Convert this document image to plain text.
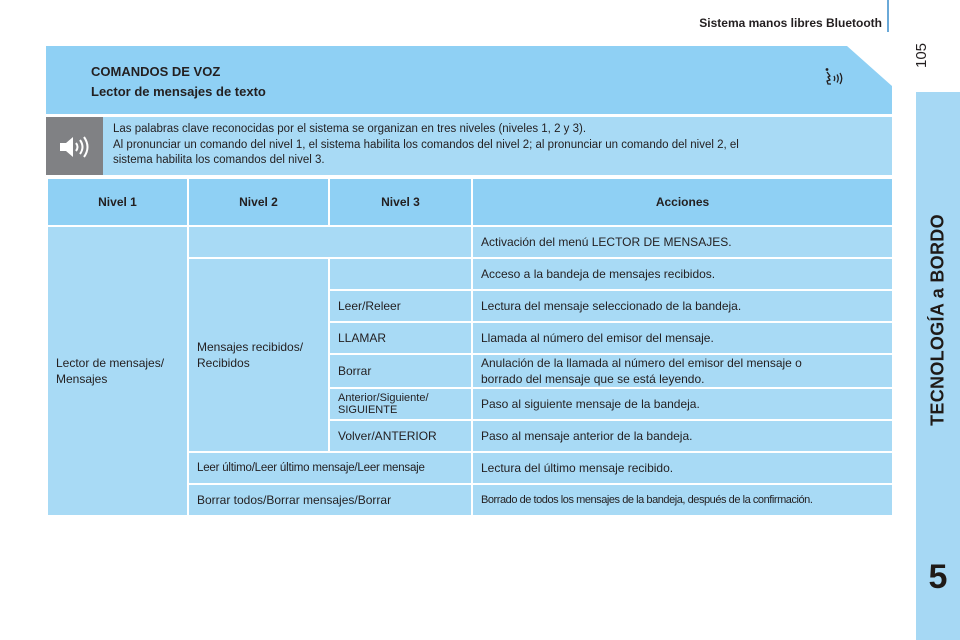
Sistema manos libres Bluetooth
105
TECNOLOGÍA a BORDO
5
COMANDOS DE VOZ
Lector de mensajes de texto
Las palabras clave reconocidas por el sistema se organizan en tres niveles (niveles 1, 2 y 3).
Al pronunciar un comando del nivel 1, el sistema habilita los comandos del nivel 2; al pronunciar un comando del nivel 2, el
sistema habilita los comandos del nivel 3.
Nivel 1	Nivel 2	Nivel 3	Acciones

Lector de mensajes/
Mensajes			Activación del menú LECTOR DE MENSAJES.

	Mensajes recibidos/
Recibidos		Acceso a la bandeja de mensajes recibidos.
		Leer/Releer	Lectura del mensaje seleccionado de la bandeja.
		LLAMAR	Llamada al número del emisor del mensaje.
		Borrar	Anulación de la llamada al número del emisor del mensaje o
borrado del mensaje que se está leyendo.

		Anterior/Siguiente/
SIGUIENTE	Paso al siguiente mensaje de la bandeja.
		Volver/ANTERIOR	Paso al mensaje anterior de la bandeja.
	Leer último/Leer último mensaje/Leer mensaje		Lectura del último mensaje recibido.
	Borrar todos/Borrar mensajes/Borrar		Borrado de todos los mensajes de la bandeja, después de la confirmación.
